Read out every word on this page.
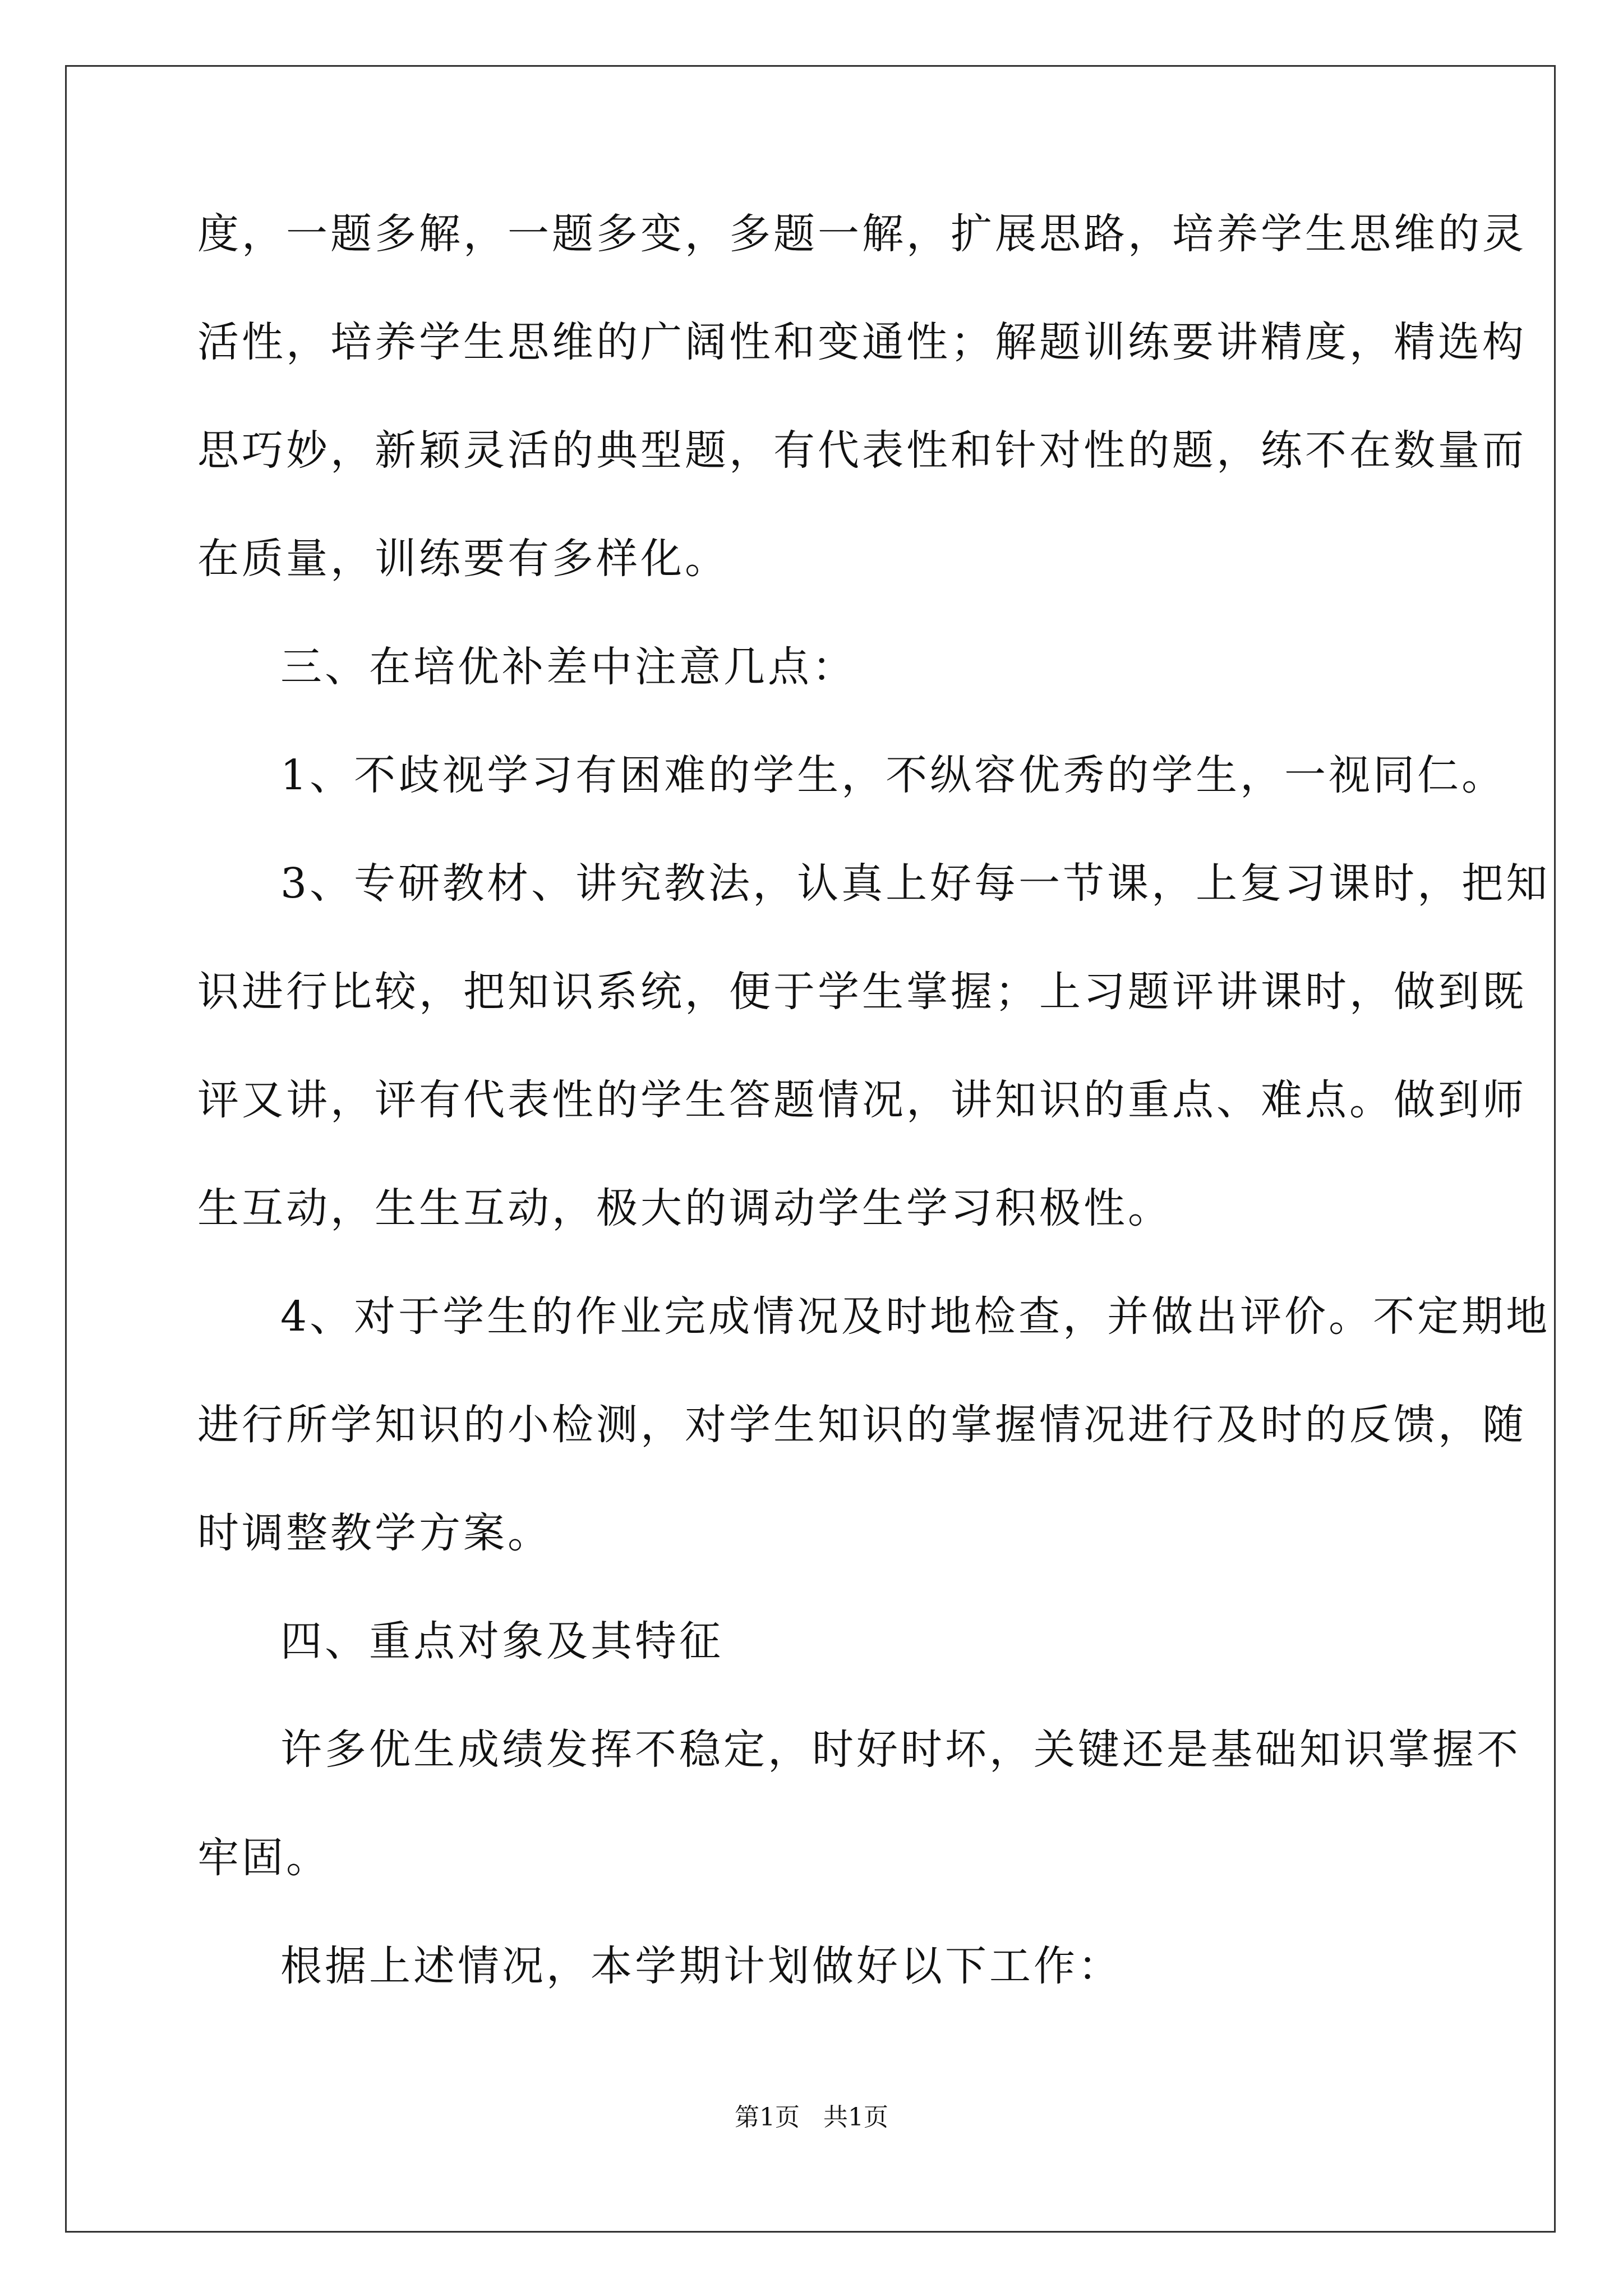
度，一题多解，一题多变，多题一解，扩展思路，培养学生思维的灵
活性，培养学生思维的广阔性和变通性；解题训练要讲精度，精选构
思巧妙，新颖灵活的典型题，有代表性和针对性的题，练不在数量而
在质量，训练要有多样化。
三、在培优补差中注意几点：
1、不歧视学习有困难的学生，不纵容优秀的学生，一视同仁。
3、专研教材、讲究教法，认真上好每一节课，上复习课时，把知
识进行比较，把知识系统，便于学生掌握；上习题评讲课时，做到既
评又讲，评有代表性的学生答题情况，讲知识的重点、难点。做到师
生互动，生生互动，极大的调动学生学习积极性。
4、对于学生的作业完成情况及时地检查，并做出评价。不定期地
进行所学知识的小检测，对学生知识的掌握情况进行及时的反馈，随
时调整教学方案。
四、重点对象及其特征
许多优生成绩发挥不稳定，时好时坏，关键还是基础知识掌握不
牢固。
根据上述情况，本学期计划做好以下工作：
第1页   共1页
